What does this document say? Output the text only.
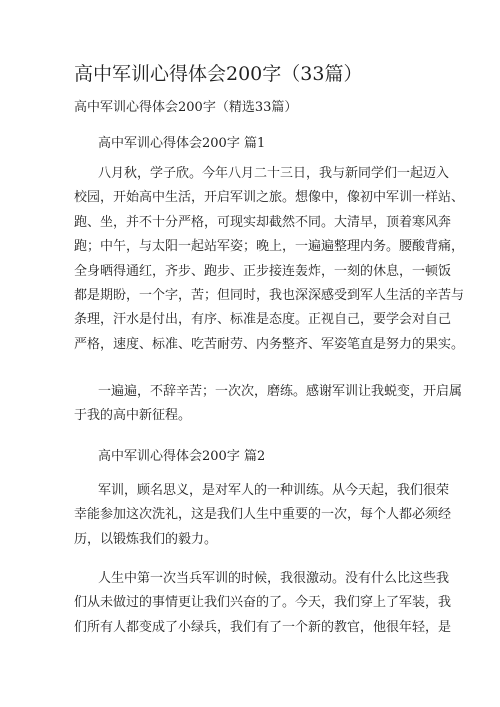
高中军训心得体会200字（33篇）
高中军训心得体会200字（精选33篇）
高中军训心得体会200字 篇1
八月秋，学子欣。今年八月二十三日，我与新同学们一起迈入
校园，开始高中生活，开启军训之旅。想像中，像初中军训一样站、
跑、坐，并不十分严格，可现实却截然不同。大清早，顶着寒风奔
跑；中午，与太阳一起站军姿；晚上，一遍遍整理内务。腰酸背痛，
全身晒得通红，齐步、跑步、正步接连轰炸，一刻的休息，一顿饭
都是期盼，一个字，苦；但同时，我也深深感受到军人生活的辛苦与
条理，汗水是付出，有序、标准是态度。正视自己，要学会对自己
严格，速度、标准、吃苦耐劳、内务整齐、军姿笔直是努力的果实。
一遍遍，不辞辛苦；一次次，磨练。感谢军训让我蜕变，开启属
于我的高中新征程。
高中军训心得体会200字 篇2
军训，顾名思义，是对军人的一种训练。从今天起，我们很荣
幸能参加这次洗礼，这是我们人生中重要的一次，每个人都必须经
历，以锻炼我们的毅力。
人生中第一次当兵军训的时候，我很激动。没有什么比这些我
们从未做过的事情更让我们兴奋的了。今天，我们穿上了军装，我
们所有人都变成了小绿兵，我们有了一个新的教官，他很年轻，是
